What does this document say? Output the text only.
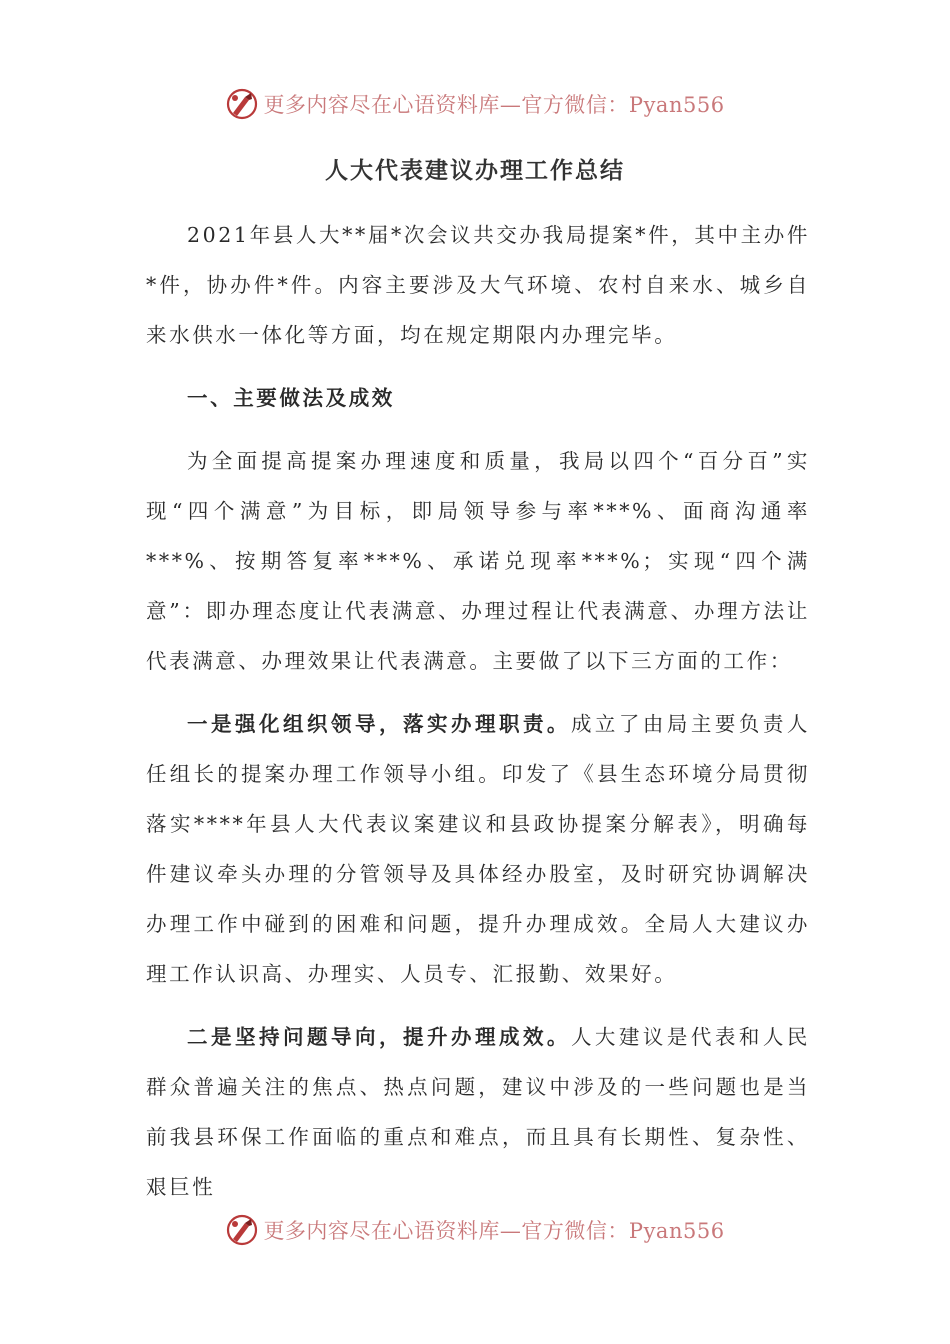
更多内容尽在心语资料库—官方微信：Pyan556
人大代表建议办理工作总结

2021年县人大**届*次会议共交办我局提案*件，其中主办件*件，协办件*件。内容主要涉及大气环境、农村自来水、城乡自来水供水一体化等方面，均在规定期限内办理完毕。

一、主要做法及成效

为全面提高提案办理速度和质量，我局以四个“百分百”实现“四个满意”为目标，即局领导参与率***%、面商沟通率***%、按期答复率***%、承诺兑现率***%；实现“四个满意”：即办理态度让代表满意、办理过程让代表满意、办理方法让代表满意、办理效果让代表满意。主要做了以下三方面的工作：

一是强化组织领导，落实办理职责。成立了由局主要负责人任组长的提案办理工作领导小组。印发了《县生态环境分局贯彻落实****年县人大代表议案建议和县政协提案分解表》，明确每件建议牵头办理的分管领导及具体经办股室，及时研究协调解决办理工作中碰到的困难和问题，提升办理成效。全局人大建议办理工作认识高、办理实、人员专、汇报勤、效果好。

二是坚持问题导向，提升办理成效。人大建议是代表和人民群众普遍关注的焦点、热点问题，建议中涉及的一些问题也是当前我县环保工作面临的重点和难点，而且具有长期性、复杂性、艰巨性

更多内容尽在心语资料库—官方微信：Pyan556
